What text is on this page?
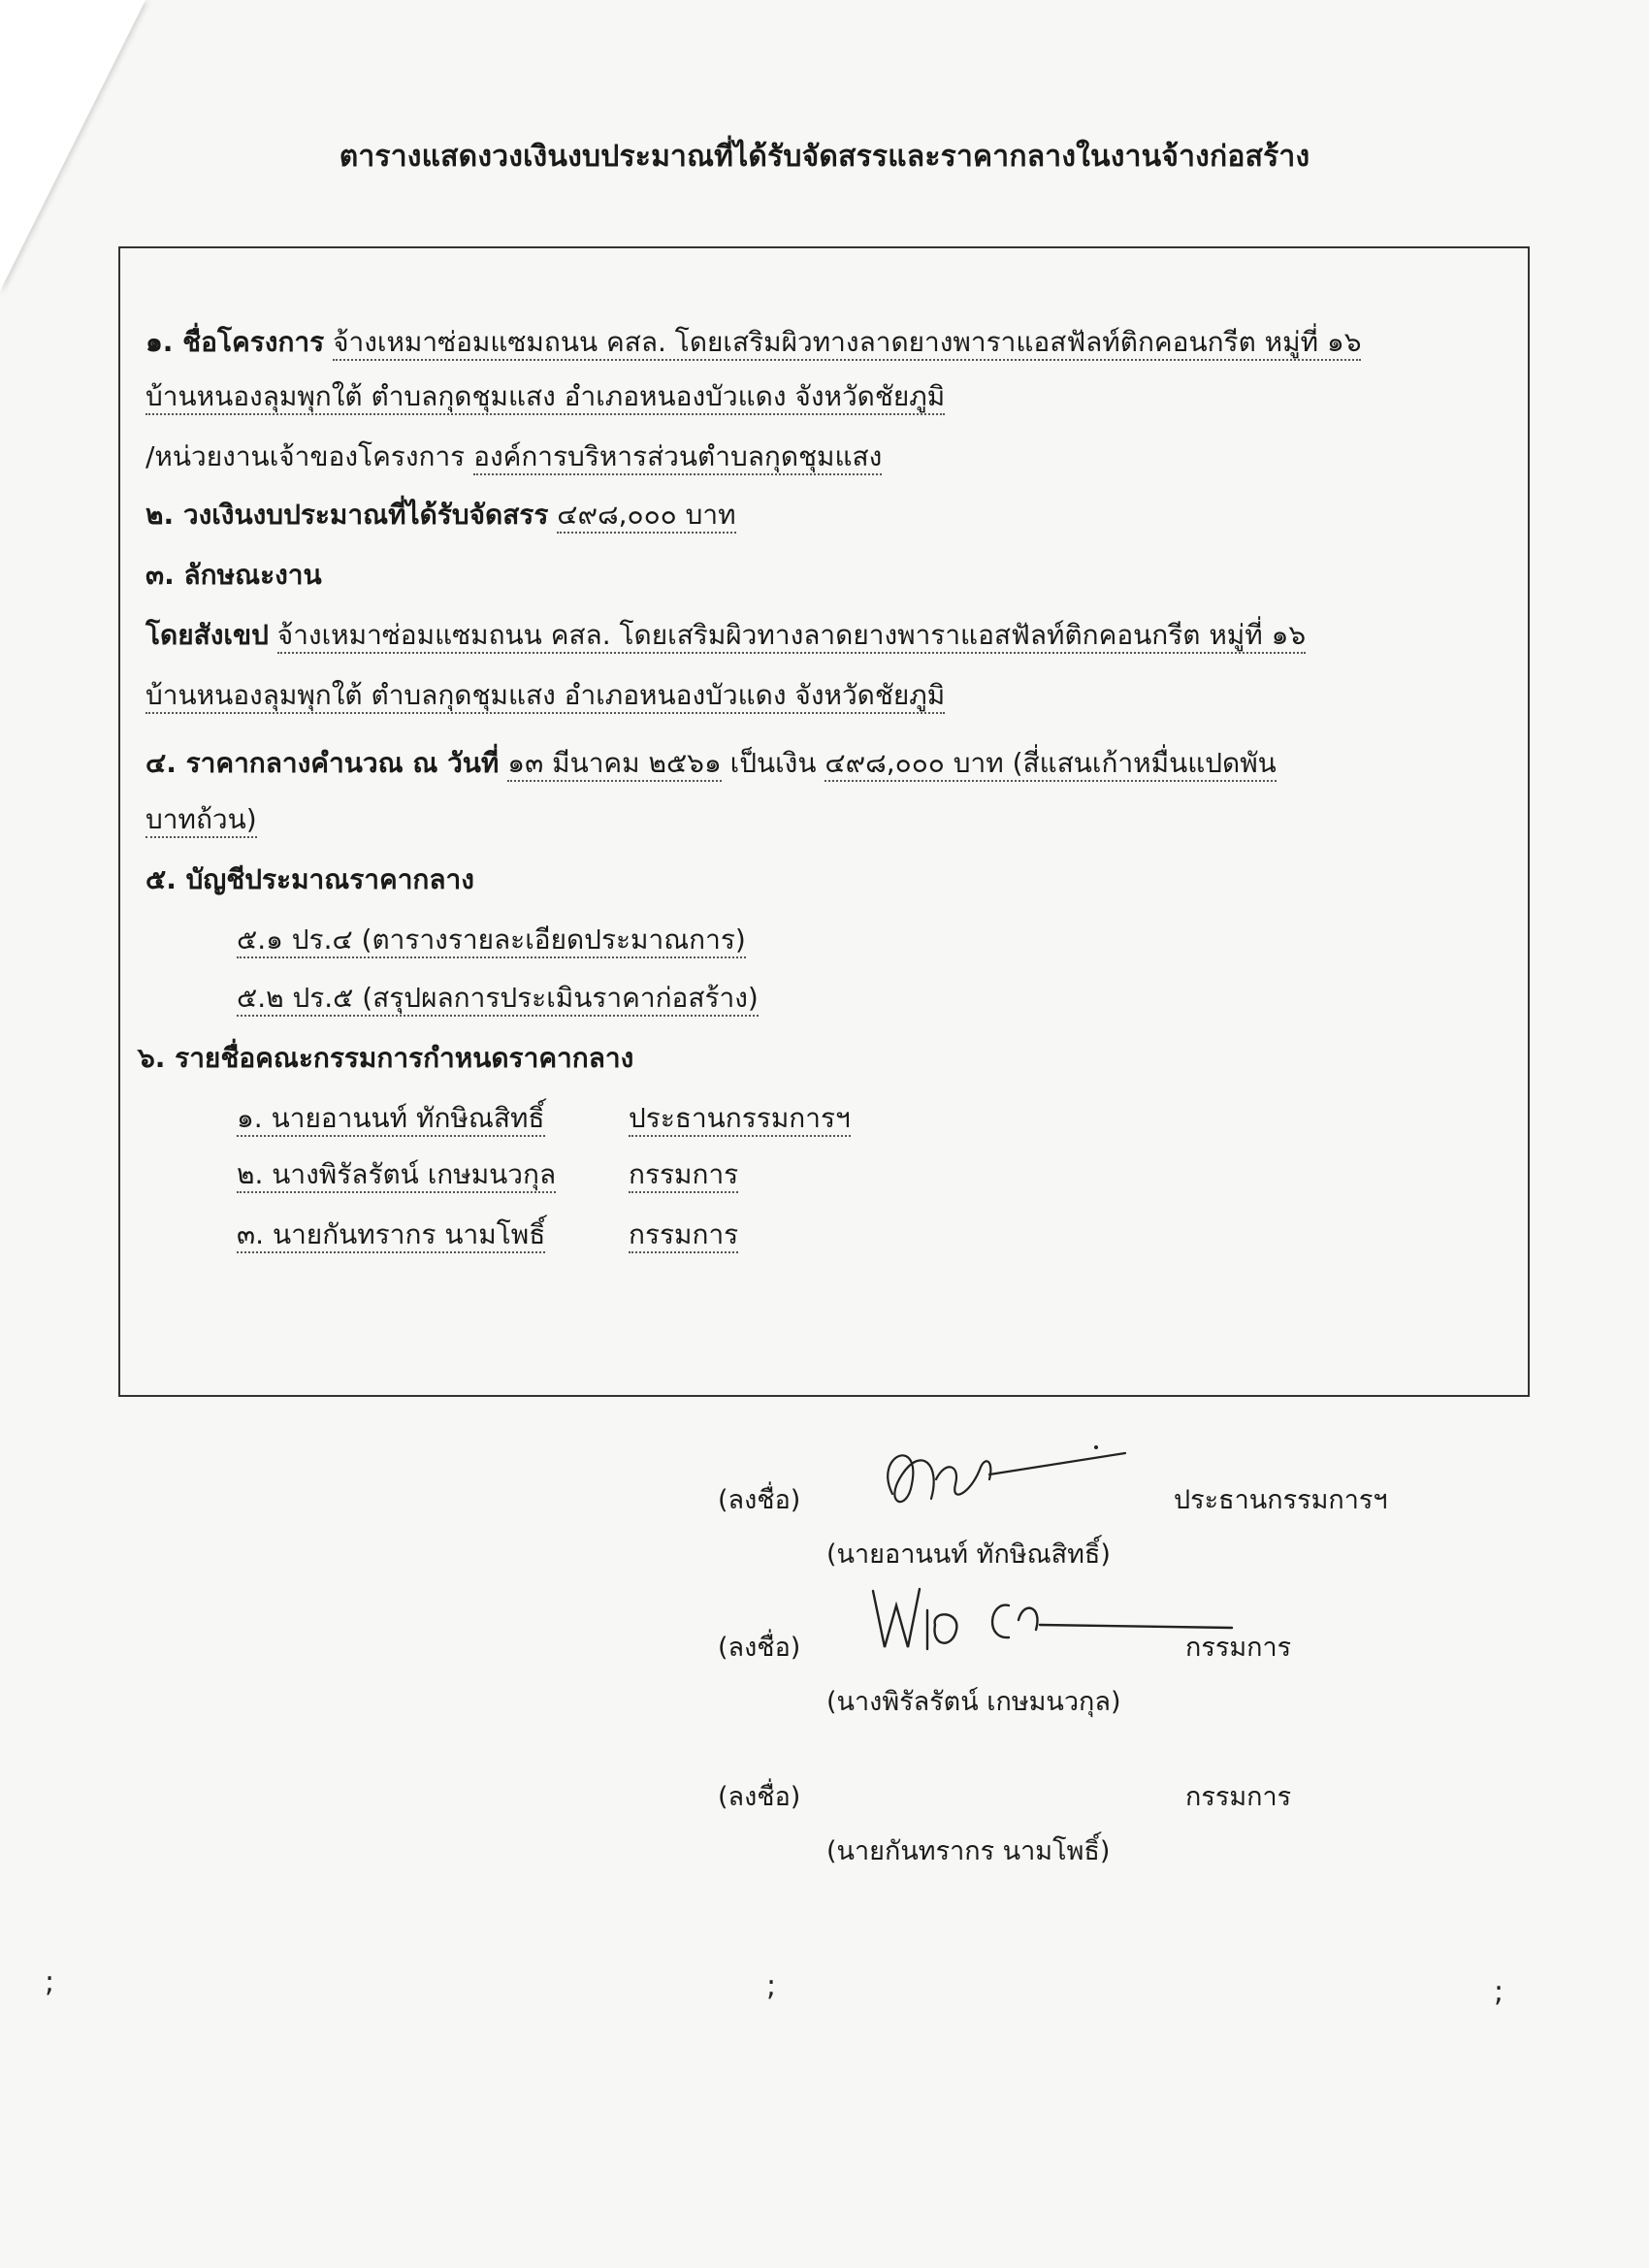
ตารางแสดงวงเงินงบประมาณที่ได้รับจัดสรรและราคากลางในงานจ้างก่อสร้าง
๑. ชื่อโครงการ จ้างเหมาซ่อมแซมถนน คสล. โดยเสริมผิวทางลาดยางพาราแอสฟัลท์ติกคอนกรีต หมู่ที่ ๑๖
บ้านหนองลุมพุกใต้ ตำบลกุดชุมแสง อำเภอหนองบัวแดง จังหวัดชัยภูมิ
/หน่วยงานเจ้าของโครงการ องค์การบริหารส่วนตำบลกุดชุมแสง
๒. วงเงินงบประมาณที่ได้รับจัดสรร ๔๙๘,๐๐๐ บาท
๓. ลักษณะงาน
โดยสังเขป จ้างเหมาซ่อมแซมถนน คสล. โดยเสริมผิวทางลาดยางพาราแอสฟัลท์ติกคอนกรีต หมู่ที่ ๑๖
บ้านหนองลุมพุกใต้ ตำบลกุดชุมแสง อำเภอหนองบัวแดง จังหวัดชัยภูมิ
๔. ราคากลางคำนวณ ณ วันที่ ๑๓ มีนาคม ๒๕๖๑ เป็นเงิน ๔๙๘,๐๐๐ บาท (สี่แสนเก้าหมื่นแปดพัน
บาทถ้วน)
๕. บัญชีประมาณราคากลาง
๕.๑ ปร.๔ (ตารางรายละเอียดประมาณการ)
๕.๒ ปร.๕ (สรุปผลการประเมินราคาก่อสร้าง)
๖. รายชื่อคณะกรรมการกำหนดราคากลาง
๑. นายอานนท์ ทักษิณสิทธิ์	ประธานกรรมการฯ
๒. นางพิรัลรัตน์ เกษมนวกุล	กรรมการ
๓. นายกันทรากร นามโพธิ์	กรรมการ
(ลงชื่อ)	ประธานกรรมการฯ
(นายอานนท์ ทักษิณสิทธิ์)
(ลงชื่อ)	กรรมการ
(นางพิรัลรัตน์ เกษมนวกุล)
(ลงชื่อ)	กรรมการ
(นายกันทรากร นามโพธิ์)
;	;	;
